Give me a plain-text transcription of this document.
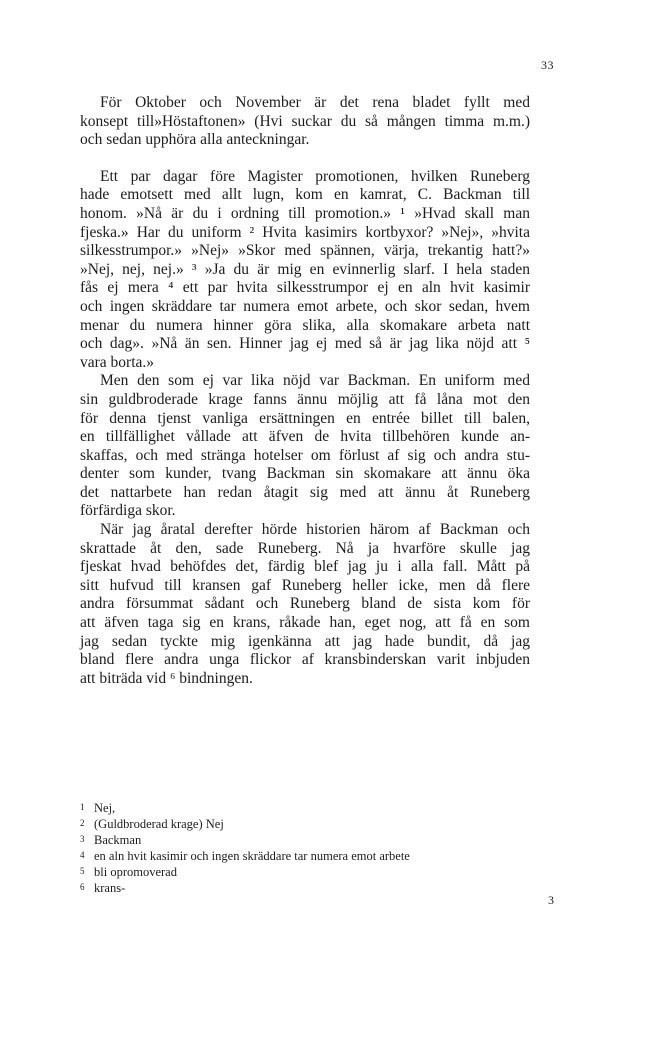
33
För Oktober och November är det rena bladet fyllt med
konsept till»Höstaftonen» (Hvi suckar du så mången timma m.m.)
och sedan upphöra alla anteckningar.
Ett par dagar före Magister promotionen, hvilken Runeberg
hade emotsett med allt lugn, kom en kamrat, C. Backman till
honom. »Nå är du i ordning till promotion.» ¹ »Hvad skall man
fjeska.» Har du uniform ² Hvita kasimirs kortbyxor? »Nej», »hvita
silkesstrumpor.» »Nej» »Skor med spännen, värja, trekantig hatt?»
»Nej, nej, nej.» ³ »Ja du är mig en evinnerlig slarf. I hela staden
fås ej mera ⁴ ett par hvita silkesstrumpor ej en aln hvit kasimir
och ingen skräddare tar numera emot arbete, och skor sedan, hvem
menar du numera hinner göra slika, alla skomakare arbeta natt
och dag». »Nå än sen. Hinner jag ej med så är jag lika nöjd att ⁵
vara borta.»
Men den som ej var lika nöjd var Backman. En uniform med
sin guldbroderade krage fanns ännu möjlig att få låna mot den
för denna tjenst vanliga ersättningen en entrée billet till balen,
en tillfällighet vållade att äfven de hvita tillbehören kunde an-
skaffas, och med stränga hotelser om förlust af sig och andra stu-
denter som kunder, tvang Backman sin skomakare att ännu öka
det nattarbete han redan åtagit sig med att ännu åt Runeberg
förfärdiga skor.
När jag åratal derefter hörde historien härom af Backman och
skrattade åt den, sade Runeberg. Nå ja hvarföre skulle jag
fjeskat hvad behöfdes det, färdig blef jag ju i alla fall. Mått på
sitt hufvud till kransen gaf Runeberg heller icke, men då flere
andra försummat sådant och Runeberg bland de sista kom för
att äfven taga sig en krans, råkade han, eget nog, att få en som
jag sedan tyckte mig igenkänna att jag hade bundit, då jag
bland flere andra unga flickor af kransbinderskan varit inbjuden
att biträda vid ⁶ bindningen.
1 Nej,
2 (Guldbroderad krage) Nej
3 Backman
4 en aln hvit kasimir och ingen skräddare tar numera emot arbete
5 bli opromoverad
6 krans-
3
